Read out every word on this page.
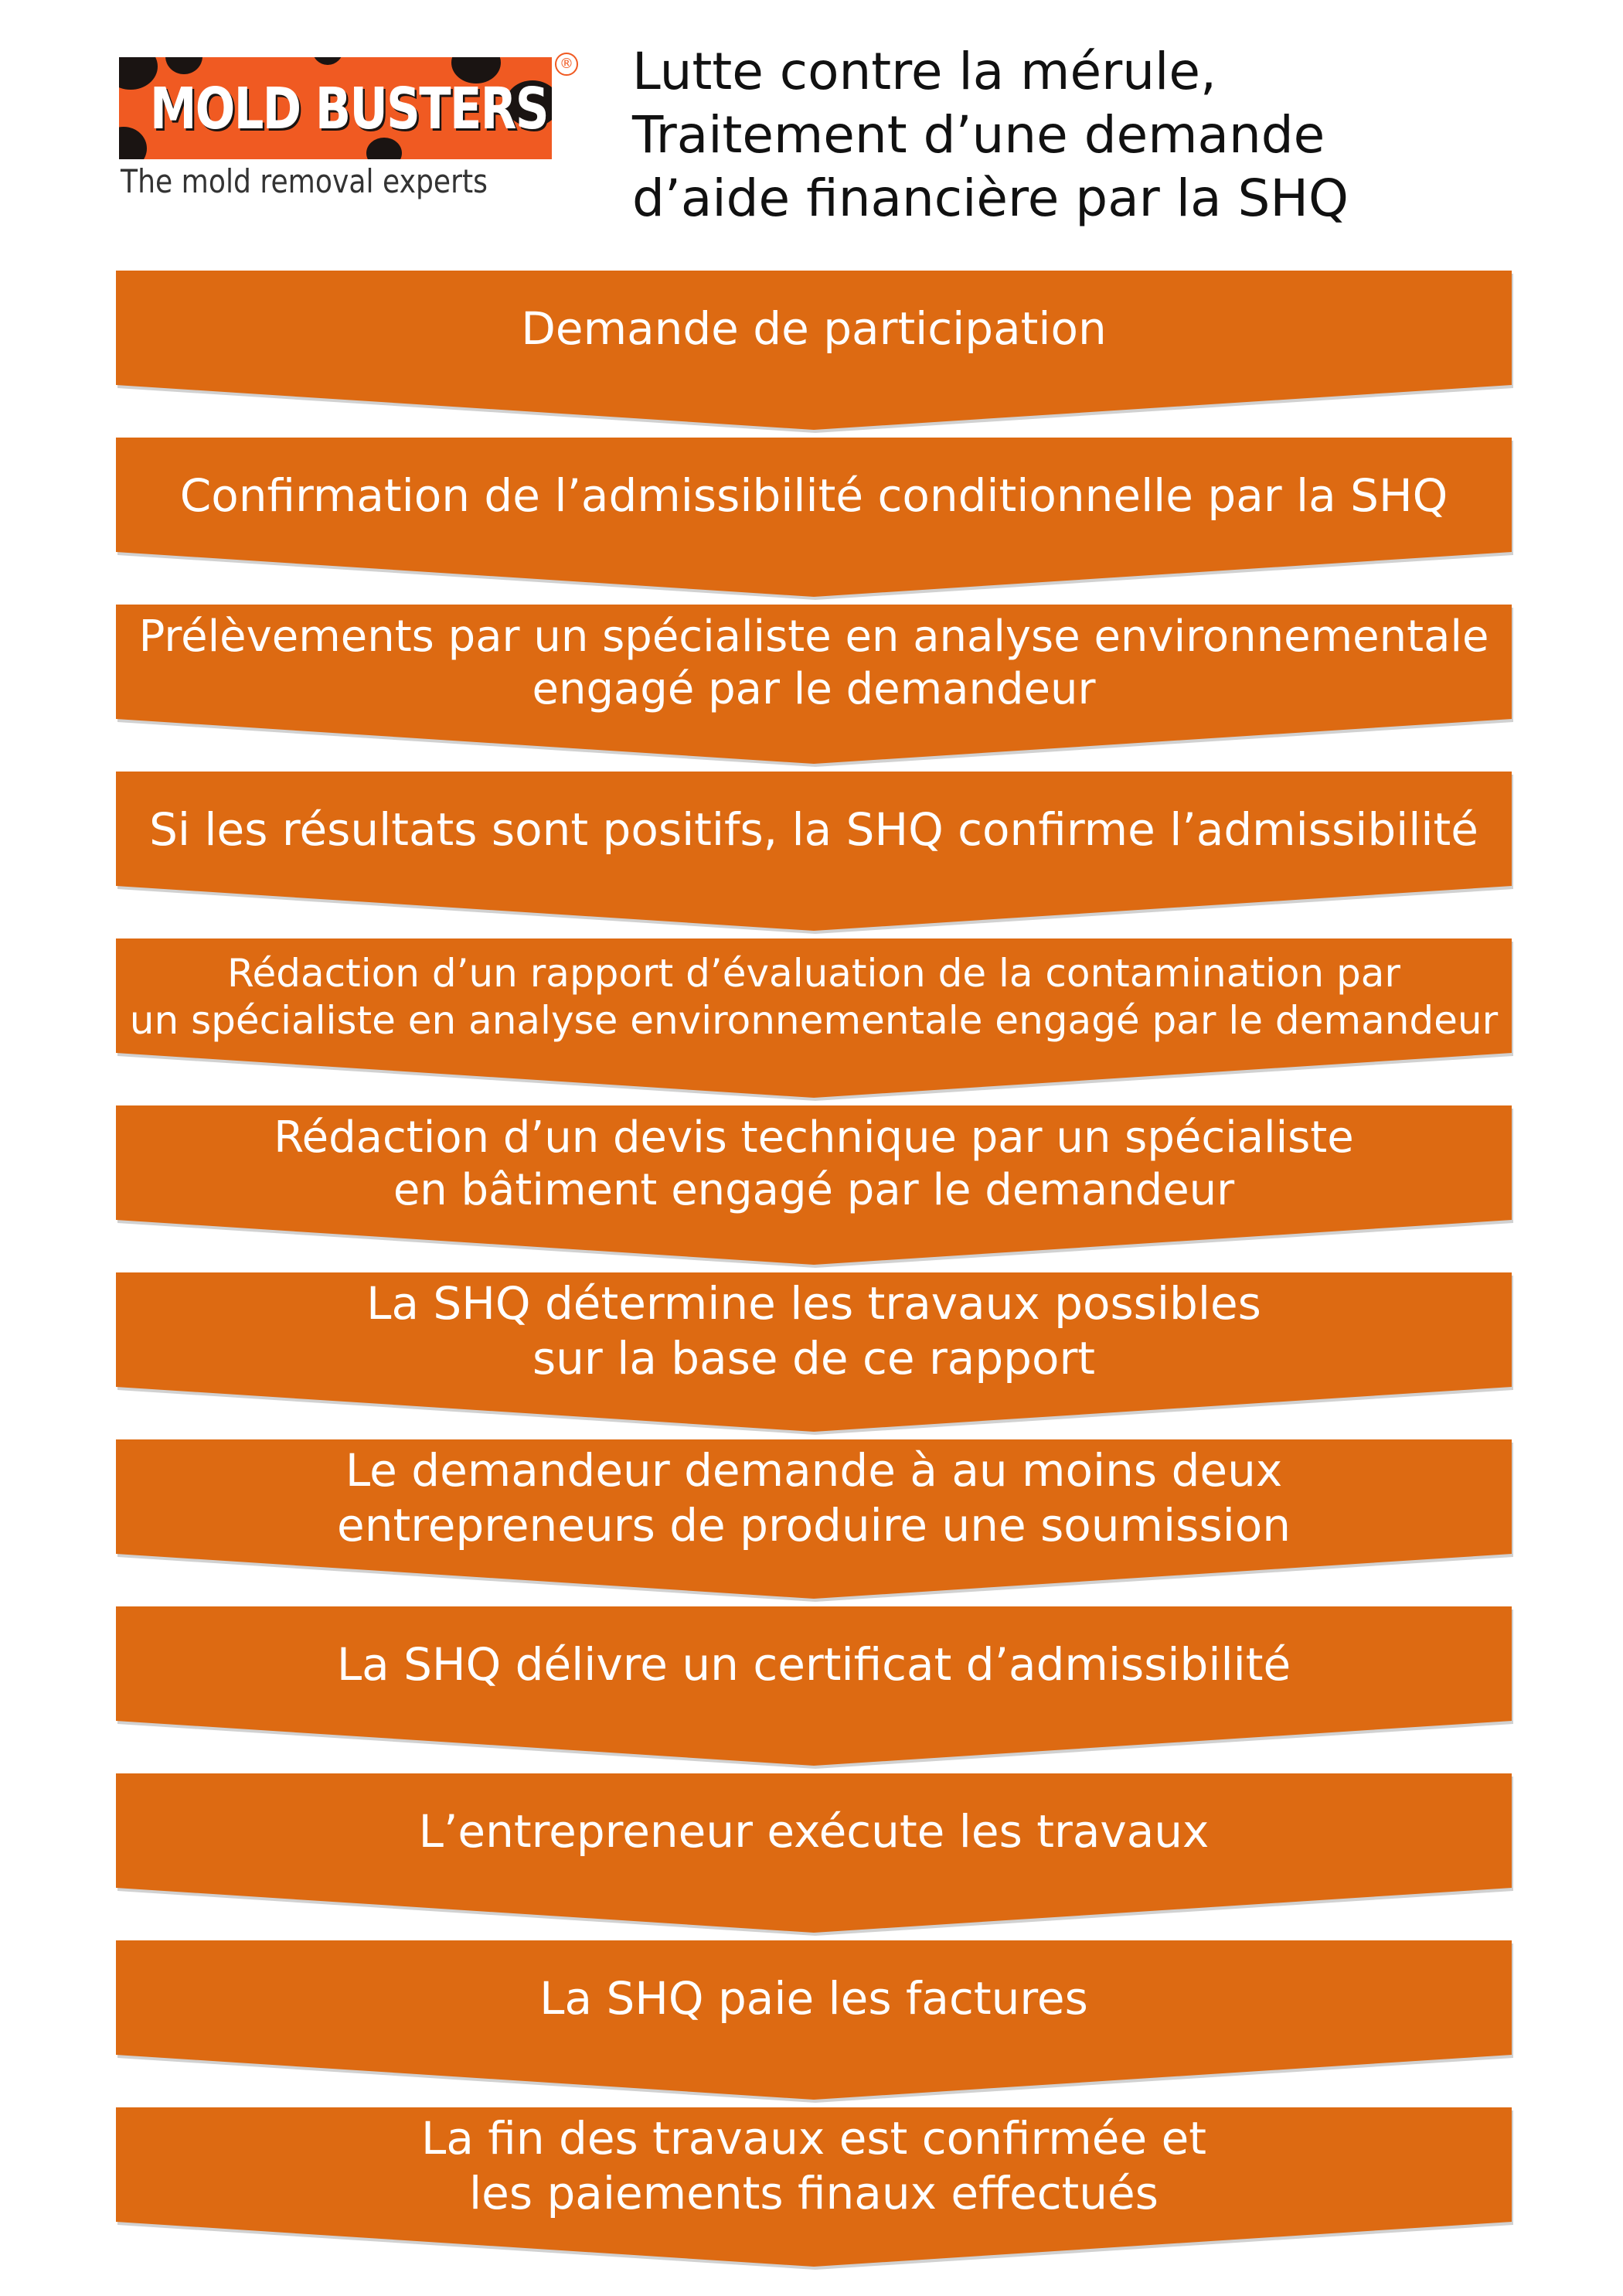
MOLD BUSTERS
®
The mold removal experts
Lutte contre la mérule,
Traitement d’une demande
d’aide financière par la SHQ
Demande de participation
Confirmation de l’admissibilité conditionnelle par la SHQ
Prélèvements par un spécialiste en analyse environnementale
engagé par le demandeur
Si les résultats sont positifs, la SHQ confirme l’admissibilité
Rédaction d’un rapport d’évaluation de la contamination par
un spécialiste en analyse environnementale engagé par le demandeur
Rédaction d’un devis technique par un spécialiste
en bâtiment engagé par le demandeur
La SHQ détermine les travaux possibles
sur la base de ce rapport
Le demandeur demande à au moins deux
entrepreneurs de produire une soumission
La SHQ délivre un certificat d’admissibilité
L’entrepreneur exécute les travaux
La SHQ paie les factures
La fin des travaux est confirmée et
les paiements finaux effectués
